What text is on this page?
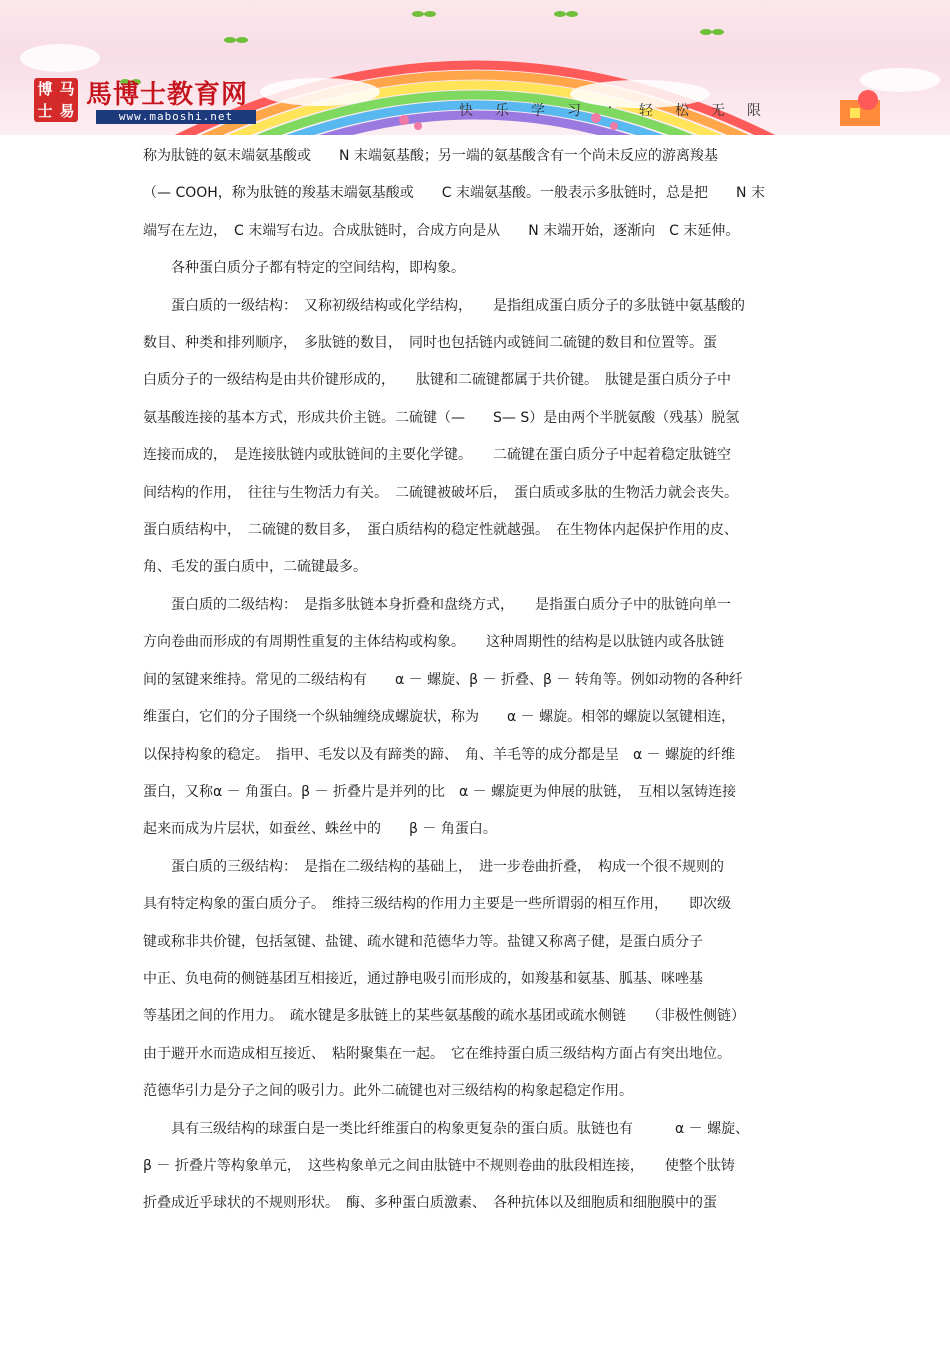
博 马
士 易
馬博士教育网
www.maboshi.net	快	乐	学	习	·	轻	松	无	限

称为肽链的氨末端氨基酸或　　N 末端氨基酸；另一端的氨基酸含有一个尚未反应的游离羧基

（— COOH，称为肽链的羧基末端氨基酸或　　C 末端氨基酸。一般表示多肽链时，总是把　　N 末

端写在左边，　C 末端写右边。合成肽链时，合成方向是从　　N 末端开始，逐渐向　C 末延伸。

　　各种蛋白质分子都有特定的空间结构，即构象。

　　蛋白质的一级结构：　又称初级结构或化学结构，　　是指组成蛋白质分子的多肽链中氨基酸的

数目、种类和排列顺序，　多肽链的数目，　同时也包括链内或链间二硫键的数目和位置等。蛋

白质分子的一级结构是由共价键形成的，　　肽键和二硫键都属于共价键。　肽键是蛋白质分子中

氨基酸连接的基本方式，形成共价主链。二硫键（—　　S— S）是由两个半胱氨酸（残基）脱氢

连接而成的，　是连接肽链内或肽链间的主要化学键。　　二硫键在蛋白质分子中起着稳定肽链空

间结构的作用，　往往与生物活力有关。　二硫键被破坏后，　蛋白质或多肽的生物活力就会丧失。

蛋白质结构中，　二硫键的数目多，　蛋白质结构的稳定性就越强。　在生物体内起保护作用的皮、

角、毛发的蛋白质中，二硫键最多。

　　蛋白质的二级结构：　是指多肽链本身折叠和盘绕方式，　　是指蛋白质分子中的肽链向单一

方向卷曲而形成的有周期性重复的主体结构或构象。　　这种周期性的结构是以肽链内或各肽链

间的氢键来维持。常见的二级结构有　　α － 螺旋、β － 折叠、β － 转角等。例如动物的各种纤

维蛋白，它们的分子围绕一个纵轴缠绕成螺旋状，称为　　α － 螺旋。相邻的螺旋以氢键相连，

以保持构象的稳定。　指甲、毛发以及有蹄类的蹄、　角、羊毛等的成分都是呈　α － 螺旋的纤维

蛋白，又称α － 角蛋白。β － 折叠片是并列的比　α － 螺旋更为伸展的肽链，　互相以氢铸连接

起来而成为片层状，如蚕丝、蛛丝中的　　β － 角蛋白。

　　蛋白质的三级结构：　是指在二级结构的基础上，　进一步卷曲折叠，　构成一个很不规则的

具有特定构象的蛋白质分子。　维持三级结构的作用力主要是一些所谓弱的相互作用，　　即次级

键或称非共价键，包括氢键、盐键、疏水键和范德华力等。盐键又称离子健，是蛋白质分子

中正、负电荷的侧链基团互相接近，通过静电吸引而形成的，如羧基和氨基、胍基、咪唑基

等基团之间的作用力。　疏水键是多肽链上的某些氨基酸的疏水基团或疏水侧链　　（非极性侧链）

由于避开水而造成相互接近、　粘附聚集在一起。　它在维持蛋白质三级结构方面占有突出地位。

范德华引力是分子之间的吸引力。此外二硫键也对三级结构的构象起稳定作用。

　　具有三级结构的球蛋白是一类比纤维蛋白的构象更复杂的蛋白质。肽链也有　　　α － 螺旋、

β － 折叠片等构象单元，　这些构象单元之间由肽链中不规则卷曲的肽段相连接，　　使整个肽铸

折叠成近乎球状的不规则形状。　酶、多种蛋白质激素、　各种抗体以及细胞质和细胞膜中的蛋
